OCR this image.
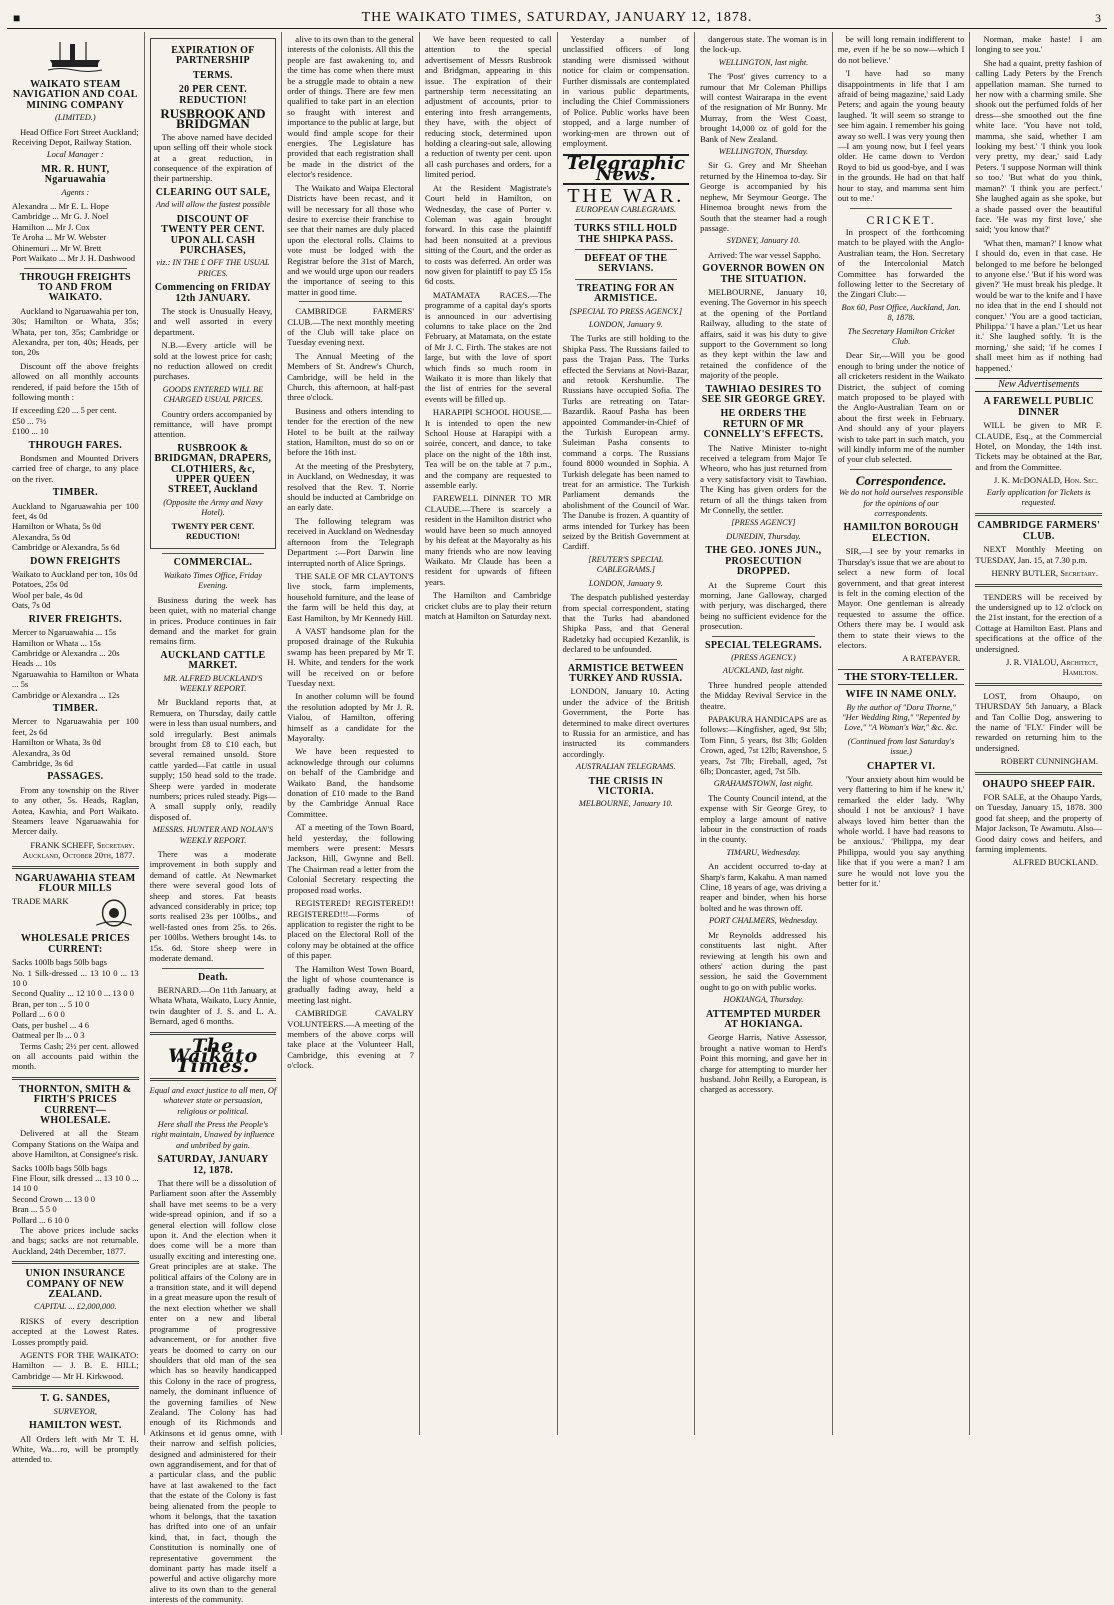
■	THE WAIKATO TIMES, SATURDAY, JANUARY 12, 1878.	3
WAIKATO STEAM NAVIGATION AND COAL MINING COMPANY
(LIMITED.)

Head Office Fort Street Auckland; Receiving Depot, Railway Station.

Local Manager :
MR. R. HUNT, Ngaruawahia
Agents :
Alexandra ... Mr E. L. Hope
Cambridge ... Mr G. J. Noel
Hamilton ... Mr J. Cox
Te Aroha ... Mr W. Webster
Ohinemuri ... Mr W. Brett
Port Waikato ... Mr J. H. Dashwood
THROUGH FREIGHTS TO AND FROM WAIKATO.

Auckland to Ngaruawahia per ton, 30s; Hamilton or Whata, 35s; Whata, per ton, 35s; Cambridge or Alexandra, per ton, 40s; Heads, per ton, 20s

Discount off the above freights allowed on all monthly accounts rendered, if paid before the 15th of following month :

If exceeding £20 ... 5 per cent.
£50 ... 7½
£100 ... 10
THROUGH FARES.

Bondsmen and Mounted Drivers carried free of charge, to any place on the river.

TIMBER.
Auckland to Ngaruawahia per 100 feet, 4s 0d
Hamilton or Whata, 5s 0d
Alexandra, 5s 0d
Cambridge or Alexandra, 5s 6d
DOWN FREIGHTS
Waikato to Auckland per ton, 10s 0d
Potatoes, 25s 0d
Wool per bale, 4s 0d
Oats, 7s 0d
RIVER FREIGHTS.
Mercer to Ngaruawahia ... 15s
Hamilton or Whata ... 15s
Cambridge or Alexandra ... 20s
Heads ... 10s
Ngaruawahia to Hamilton or Whata ... 5s
Cambridge or Alexandra ... 12s
TIMBER.
Mercer to Ngaruawahia per 100 feet, 2s 6d
Hamilton or Whata, 3s 0d
Alexandra, 3s 0d
Cambridge, 3s 6d
PASSAGES.

From any township on the River to any other, 5s. Heads, Raglan, Aotea, Kawhia, and Port Waikato. Steamers leave Ngaruawahia for Mercer daily.

FRANK SCHEFF, Secretary. Auckland, October 20th, 1877.
NGARUAWAHIA STEAM FLOUR MILLS
TRADE MARK
WHOLESALE PRICES CURRENT:
Sacks 100lb bags 50lb bags
No. 1 Silk-dressed ... 13 10 0 ... 13 10 0
Second Quality ... 12 10 0 ... 13 0 0
Bran, per ton ... 5 10 0
Pollard ... 6 0 0
Oats, per bushel ... 4 6
Oatmeal per lb ... 0 3

Terms Cash; 2½ per cent. allowed on all accounts paid within the month.

THORNTON, SMITH & FIRTH'S PRICES CURRENT—WHOLESALE.

Delivered at all the Steam Company Stations on the Waipa and above Hamilton, at Consignee's risk.

Sacks 100lb bags 50lb bags
Fine Flour, silk dressed ... 13 10 0 ... 14 10 0
Second Crown ... 13 0 0
Bran ... 5 5 0
Pollard ... 6 10 0

The above prices include sacks and bags; sacks are not returnable. Auckland, 24th December, 1877.

UNION INSURANCE COMPANY OF NEW ZEALAND.
CAPITAL ... £2,000,000.

RISKS of every description accepted at the Lowest Rates. Losses promptly paid.

AGENTS FOR THE WAIKATO: Hamilton — J. B. E. HILL; Cambridge — Mr H. Kirkwood.

T. G. SANDES,
SURVEYOR,
HAMILTON WEST.

All Orders left with Mr T. H. White, Wa…ro, will be promptly attended to.

EXPIRATION OF PARTNERSHIP
TERMS.
20 PER CENT. REDUCTION!
RUSBROOK AND BRIDGMAN

The above named have decided upon selling off their whole stock at a great reduction, in consequence of the expiration of their partnership.

CLEARING OUT SALE,
And will allow the fastest possible
DISCOUNT OF TWENTY PER CENT. UPON ALL CASH PURCHASES,
viz.: IN THE £ OFF THE USUAL PRICES.
Commencing on FRIDAY 12th JANUARY.

The stock is Unusually Heavy, and well assorted in every department.

N.B.—Every article will be sold at the lowest price for cash; no reduction allowed on credit purchases.

GOODS ENTERED WILL BE CHARGED USUAL PRICES.

Country orders accompanied by remittance, will have prompt attention.

RUSBROOK & BRIDGMAN, DRAPERS, CLOTHIERS, &c, UPPER QUEEN STREET, Auckland
(Opposite the Army and Navy Hotel).
TWENTY PER CENT. REDUCTION!
COMMERCIAL.
Waikato Times Office, Friday Evening.

Business during the week has been quiet, with no material change in prices. Produce continues in fair demand and the market for grain remains firm.

AUCKLAND CATTLE MARKET.
MR. ALFRED BUCKLAND'S WEEKLY REPORT.

Mr Buckland reports that, at Remuera, on Thursday, daily cattle were in less than usual numbers, and sold irregularly. Best animals brought from £8 to £10 each, but several remained unsold. Store cattle yarded—Fat cattle in usual supply; 150 head sold to the trade. Sheep were yarded in moderate numbers; prices ruled steady. Pigs—A small supply only, readily disposed of.

MESSRS. HUNTER AND NOLAN'S WEEKLY REPORT.

There was a moderate improvement in both supply and demand of cattle. At Newmarket there were several good lots of sheep and stores. Fat beasts advanced considerably in price; top sorts realised 23s per 100lbs., and well-fasted ones from 25s. to 26s. per 100lbs. Wethers brought 14s. to 15s. 6d. Store sheep were in moderate demand.

Death.

BERNARD.—On 11th January, at Whata Whata, Waikato, Lucy Annie, twin daughter of J. S. and L. A. Bernard, aged 6 months.

The Waikato Times.
Equal and exact justice to all men, Of whatever state or persuasion, religious or political.
Here shall the Press the People's right maintain, Unawed by influence and unbribed by gain.
SATURDAY, JANUARY 12, 1878.

That there will be a dissolution of Parliament soon after the Assembly shall have met seems to be a very wide-spread opinion, and if so a general election will follow close upon it. And the election when it does come will be a more than usually exciting and interesting one. Great principles are at stake. The political affairs of the Colony are in a transition state, and it will depend in a great measure upon the result of the next election whether we shall enter on a new and liberal programme of progressive advancement, or for another five years be doomed to carry on our shoulders that old man of the sea which has so heavily handicapped this Colony in the race of progress, namely, the dominant influence of the governing families of New Zealand. The Colony has had enough of its Richmonds and Atkinsons et id genus omne, with their narrow and selfish policies, designed and administered for their own aggrandisement, and for that of a particular class, and the public have at last awakened to the fact that the estate of the Colony is fast being alienated from the people to whom it belongs, that the taxation has drifted into one of an unfair kind, that, in fact, though the Constitution is nominally one of representative government the dominant party has made itself a powerful and active oligarchy more alive to its own than to the general interests of the community.

alive to its own than to the general interests of the colonists. All this the people are fast awakening to, and the time has come when there must be a struggle made to obtain a new order of things. There are few men qualified to take part in an election so fraught with interest and importance to the public at large, but would find ample scope for their energies. The Legislature has provided that each registration shall be made in the district of the elector's residence.

The Waikato and Waipa Electoral Districts have been recast, and it will be necessary for all those who desire to exercise their franchise to see that their names are duly placed upon the electoral rolls. Claims to vote must be lodged with the Registrar before the 31st of March, and we would urge upon our readers the importance of seeing to this matter in good time.

CAMBRIDGE FARMERS' CLUB.—The next monthly meeting of the Club will take place on Tuesday evening next.

The Annual Meeting of the Members of St. Andrew's Church, Cambridge, will be held in the Church, this afternoon, at half-past three o'clock.

Business and others intending to tender for the erection of the new Hotel to be built at the railway station, Hamilton, must do so on or before the 16th inst.

At the meeting of the Presbytery, in Auckland, on Wednesday, it was resolved that the Rev. T. Norrie should be inducted at Cambridge on an early date.

The following telegram was received in Auckland on Wednesday afternoon from the Telegraph Department :—Port Darwin line interrupted north of Alice Springs.

THE SALE OF MR CLAYTON'S live stock, farm implements, household furniture, and the lease of the farm will be held this day, at East Hamilton, by Mr Kennedy Hill.

A VAST handsome plan for the proposed drainage of the Rukuhia swamp has been prepared by Mr T. H. White, and tenders for the work will be received on or before Tuesday next.

In another column will be found the resolution adopted by Mr J. R. Vialou, of Hamilton, offering himself as a candidate for the Mayoralty.

We have been requested to acknowledge through our columns on behalf of the Cambridge and Waikato Band, the handsome donation of £10 made to the Band by the Cambridge Annual Race Committee.

AT a meeting of the Town Board, held yesterday, the following members were present: Messrs Jackson, Hill, Gwynne and Bell. The Chairman read a letter from the Colonial Secretary respecting the proposed road works.

REGISTERED! REGISTERED!! REGISTERED!!!—Forms of application to register the right to be placed on the Electoral Roll of the colony may be obtained at the office of this paper.

The Hamilton West Town Board, the light of whose countenance is gradually fading away, held a meeting last night.

CAMBRIDGE CAVALRY VOLUNTEERS.—A meeting of the members of the above corps will take place at the Volunteer Hall, Cambridge, this evening at 7 o'clock.

We have been requested to call attention to the special advertisement of Messrs Rusbrook and Bridgman, appearing in this issue. The expiration of their partnership term necessitating an adjustment of accounts, prior to entering into fresh arrangements, they have, with the object of reducing stock, determined upon holding a clearing-out sale, allowing a reduction of twenty per cent. upon all cash purchases and orders, for a limited period.

At the Resident Magistrate's Court held in Hamilton, on Wednesday, the case of Porter v. Coleman was again brought forward. In this case the plaintiff had been nonsuited at a previous sitting of the Court, and the order as to costs was deferred. An order was now given for plaintiff to pay £5 15s 6d costs.

MATAMATA RACES.—The programme of a capital day's sports is announced in our advertising columns to take place on the 2nd February, at Matamata, on the estate of Mr J. C. Firth. The stakes are not large, but with the love of sport which finds so much room in Waikato it is more than likely that the list of entries for the several events will be filled up.

HARAPIPI SCHOOL HOUSE.—It is intended to open the new School House at Harapipi with a soirée, concert, and dance, to take place on the night of the 18th inst. Tea will be on the table at 7 p.m., and the company are requested to assemble early.

FAREWELL DINNER TO MR CLAUDE.—There is scarcely a resident in the Hamilton district who would have been so much annoyed by his defeat at the Mayoralty as his many friends who are now leaving Waikato. Mr Claude has been a resident for upwards of fifteen years.

The Hamilton and Cambridge cricket clubs are to play their return match at Hamilton on Saturday next.

Yesterday a number of unclassified officers of long standing were dismissed without notice for claim or compensation. Further dismissals are contemplated in various public departments, including the Chief Commissioners of Police. Public works have been stopped, and a large number of working-men are thrown out of employment.

Telegraphic News.
THE WAR.
EUROPEAN CABLEGRAMS.
TURKS STILL HOLD THE SHIPKA PASS.
DEFEAT OF THE SERVIANS.
TREATING FOR AN ARMISTICE.
[SPECIAL TO PRESS AGENCY.]
LONDON, January 9.

The Turks are still holding to the Shipka Pass. The Russians failed to pass the Trajan Pass. The Turks effected the Servians at Novi-Bazar, and retook Kershumlie. The Russians have occupied Sofia. The Turks are retreating on Tatar-Bazardik. Raouf Pasha has been appointed Commander-in-Chief of the Turkish European army. Suleiman Pasha consents to command a corps. The Russians found 8000 wounded in Sophia. A Turkish delegate has been named to treat for an armistice. The Turkish Parliament demands the abolishment of the Council of War. The Danube is frozen. A quantity of arms intended for Turkey has been seized by the British Government at Cardiff.

[REUTER'S SPECIAL CABLEGRAMS.]
LONDON, January 9.

The despatch published yesterday from special correspondent, stating that the Turks had abandoned Shipka Pass, and that General Radetzky had occupied Kezanlik, is declared to be unfounded.

ARMISTICE BETWEEN TURKEY AND RUSSIA.

LONDON, January 10. Acting under the advice of the British Government, the Porte has determined to make direct overtures to Russia for an armistice, and has instructed its commanders accordingly.

AUSTRALIAN TELEGRAMS.
THE CRISIS IN VICTORIA.
MELBOURNE, January 10.

dangerous state. The woman is in the lock-up.

WELLINGTON, last night.

The 'Post' gives currency to a rumour that Mr Coleman Phillips will contest Wairarapa in the event of the resignation of Mr Bunny. Mr Murray, from the West Coast, brought 14,000 oz of gold for the Bank of New Zealand.

WELLINGTON, Thursday.

Sir G. Grey and Mr Sheehan returned by the Hinemoa to-day. Sir George is accompanied by his nephew, Mr Seymour George. The Hinemoa brought news from the South that the steamer had a rough passage.

SYDNEY, January 10.

Arrived: The war vessel Sappho.

GOVERNOR BOWEN ON THE SITUATION.

MELBOURNE, January 10, evening. The Governor in his speech at the opening of the Portland Railway, alluding to the state of affairs, said it was his duty to give support to the Government so long as they kept within the law and retained the confidence of the majority of the people.

TAWHIAO DESIRES TO SEE SIR GEORGE GREY.
HE ORDERS THE RETURN OF MR CONNELLY'S EFFECTS.

The Native Minister to-night received a telegram from Major Te Wheoro, who has just returned from a very satisfactory visit to Tawhiao. The King has given orders for the return of all the things taken from Mr Connelly, the settler.

[PRESS AGENCY]
DUNEDIN, Thursday.
THE GEO. JONES JUN., PROSECUTION DROPPED.

At the Supreme Court this morning, Jane Galloway, charged with perjury, was discharged, there being no sufficient evidence for the prosecution.

SPECIAL TELEGRAMS.
(PRESS AGENCY.)
AUCKLAND, last night.

Three hundred people attended the Midday Revival Service in the theatre.

PAPAKURA HANDICAPS are as follows:—Kingfisher, aged, 9st 5lb; Tom Finn, 5 years, 8st 3lb; Golden Crown, aged, 7st 12lb; Ravenshoe, 5 years, 7st 7lb; Fireball, aged, 7st 6lb; Doncaster, aged, 7st 5lb.

GRAHAMSTOWN, last night.

The County Council intend, at the expense with Sir George Grey, to employ a large amount of native labour in the construction of roads in the county.

TIMARU, Wednesday.

An accident occurred to-day at Sharp's farm, Kakahu. A man named Cline, 18 years of age, was driving a reaper and binder, when his horse bolted and he was thrown off.

PORT CHALMERS, Wednesday.

Mr Reynolds addressed his constituents last night. After reviewing at length his own and others' action during the past session, he said the Government ought to go on with public works.

HOKIANGA, Thursday.
ATTEMPTED MURDER AT HOKIANGA.

George Harris, Native Assessor, brought a native woman to Herd's Point this morning, and gave her in charge for attempting to murder her husband. John Reilly, a European, is charged as accessory.

be will long remain indifferent to me, even if he be so now—which I do not believe.'

'I have had so many disappointments in life that I am afraid of being magazine,' said Lady Peters; and again the young beauty laughed. 'It will seem so strange to see him again. I remember his going away so well. I was very young then—I am young now, but I feel years older. He came down to Verdon Royd to bid us good-bye, and I was in the grounds. He had on that half hour to stay, and mamma sent him out to me.'

CRICKET.

In prospect of the forthcoming match to be played with the Anglo-Australian team, the Hon. Secretary of the Intercolonial Match Committee has forwarded the following letter to the Secretary of the Zingari Club:—

Box 60, Post Office, Auckland, Jan. 8, 1878.
The Secretary Hamilton Cricket Club.

Dear Sir,—Will you be good enough to bring under the notice of all cricketers resident in the Waikato District, the subject of coming match proposed to be played with the Anglo-Australian Team on or about the first week in February. And should any of your players wish to take part in such match, you will kindly inform me of the number of your club selected.

Correspondence.
We do not hold ourselves responsible for the opinions of our correspondents.
HAMILTON BOROUGH ELECTION.

SIR,—I see by your remarks in Thursday's issue that we are about to select a new form of local government, and that great interest is felt in the coming election of the Mayor. One gentleman is already requested to assume the office. Others there may be. I would ask them to state their views to the electors.

A RATEPAYER.
THE STORY-TELLER.
WIFE IN NAME ONLY.
By the author of "Dora Thorne," "Her Wedding Ring," "Repented by Love," "A Woman's War," &c. &c.
(Continued from last Saturday's issue.)
CHAPTER VI.

'Your anxiety about him would be very flattering to him if he knew it,' remarked the elder lady. 'Why should I not be anxious? I have always loved him better than the whole world. I have had reasons to be anxious.' 'Philippa, my dear Philippa, would you say anything like that if you were a man? I am sure he would not love you the better for it.'

Norman, make haste! I am longing to see you.'

She had a quaint, pretty fashion of calling Lady Peters by the French appellation maman. She turned to her now with a charming smile. She shook out the perfumed folds of her dress—she smoothed out the fine white lace. 'You have not told, mamma, she said, whether I am looking my best.' 'I think you look very pretty, my dear,' said Lady Peters. 'I suppose Norman will think so too.' 'But what do you think, maman?' 'I think you are perfect.' She laughed again as she spoke, but a shade passed over the beautiful face. 'He was my first love,' she said; 'you know that?'

'What then, maman?' I know what I should do, even in that case. He belonged to me before he belonged to anyone else.' 'But if his word was given?' 'He must break his pledge. It would be war to the knife and I have no idea that in the end I should not conquer.' 'You are a good tactician, Philippa.' 'I have a plan.' 'Let us hear it.' She laughed softly. 'It is the morning,' she said; 'if he comes I shall meet him as if nothing had happened.'

New Advertisements
A FAREWELL PUBLIC DINNER

WILL be given to MR F. CLAUDE, Esq., at the Commercial Hotel, on Monday, the 14th inst. Tickets may be obtained at the Bar, and from the Committee.

J. K. McDONALD, Hon. Sec.
Early application for Tickets is requested.
CAMBRIDGE FARMERS' CLUB.

NEXT Monthly Meeting on TUESDAY, Jan. 15, at 7.30 p.m.

HENRY BUTLER, Secretary.

TENDERS will be received by the undersigned up to 12 o'clock on the 21st instant, for the erection of a Cottage at Hamilton East. Plans and specifications at the office of the undersigned.

J. R. VIALOU, Architect, Hamilton.

LOST, from Ohaupo, on THURSDAY 5th January, a Black and Tan Collie Dog, answering to the name of 'FLY.' Finder will be rewarded on returning him to the undersigned.

ROBERT CUNNINGHAM.
OHAUPO SHEEP FAIR.

FOR SALE, at the Ohaupo Yards, on Tuesday, January 15, 1878. 300 good fat sheep, and the property of Major Jackson, Te Awamutu. Also—Good dairy cows and heifers, and farming implements.

ALFRED BUCKLAND.
